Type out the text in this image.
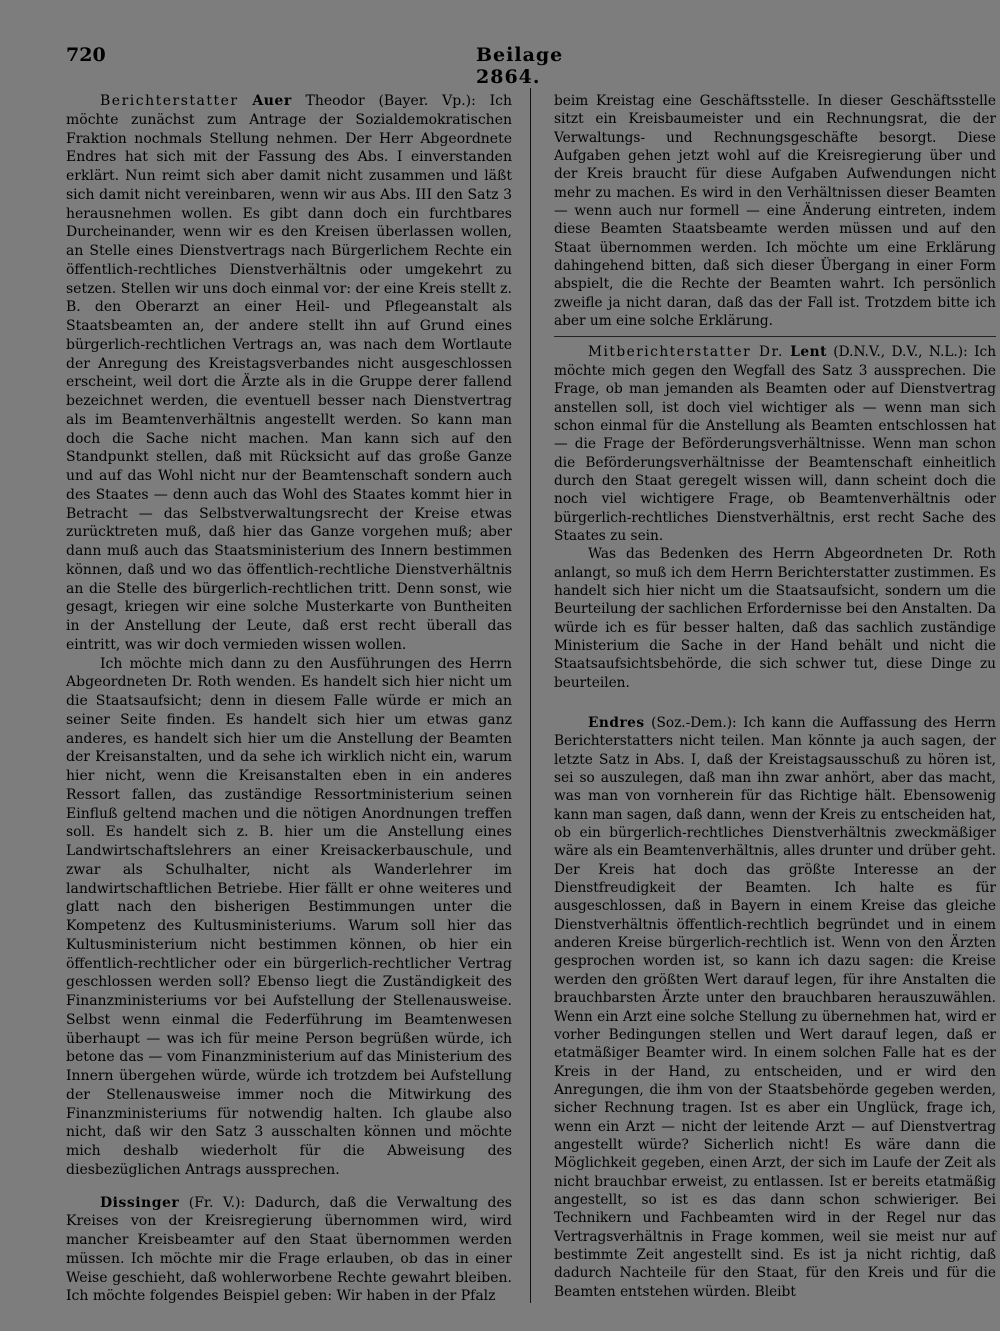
720	Beilage 2864.

Berichterstatter Auer Theodor (Bayer. Vp.): Ich möchte zunächst zum Antrage der Sozialdemokratischen Fraktion nochmals Stellung nehmen. Der Herr Abgeordnete Endres hat sich mit der Fassung des Abs. I einverstanden erklärt. Nun reimt sich aber damit nicht zusammen und läßt sich damit nicht vereinbaren, wenn wir aus Abs. III den Satz 3 herausnehmen wollen. Es gibt dann doch ein furchtbares Durcheinander, wenn wir es den Kreisen überlassen wollen, an Stelle eines Dienstvertrags nach Bürgerlichem Rechte ein öffentlich-rechtliches Dienstverhältnis oder umgekehrt zu setzen. Stellen wir uns doch einmal vor: der eine Kreis stellt z. B. den Oberarzt an einer Heil- und Pflegeanstalt als Staatsbeamten an, der andere stellt ihn auf Grund eines bürgerlich-rechtlichen Vertrags an, was nach dem Wortlaute der Anregung des Kreistagsverbandes nicht ausgeschlossen erscheint, weil dort die Ärzte als in die Gruppe derer fallend bezeichnet werden, die eventuell besser nach Dienstvertrag als im Beamtenverhältnis angestellt werden. So kann man doch die Sache nicht machen. Man kann sich auf den Standpunkt stellen, daß mit Rücksicht auf das große Ganze und auf das Wohl nicht nur der Beamtenschaft sondern auch des Staates — denn auch das Wohl des Staates kommt hier in Betracht — das Selbstverwaltungsrecht der Kreise etwas zurücktreten muß, daß hier das Ganze vorgehen muß; aber dann muß auch das Staatsministerium des Innern bestimmen können, daß und wo das öffentlich-rechtliche Dienstverhältnis an die Stelle des bürgerlich-rechtlichen tritt. Denn sonst, wie gesagt, kriegen wir eine solche Musterkarte von Buntheiten in der Anstellung der Leute, daß erst recht überall das eintritt, was wir doch vermieden wissen wollen.

Ich möchte mich dann zu den Ausführungen des Herrn Abgeordneten Dr. Roth wenden. Es handelt sich hier nicht um die Staatsaufsicht; denn in diesem Falle würde er mich an seiner Seite finden. Es handelt sich hier um etwas ganz anderes, es handelt sich hier um die Anstellung der Beamten der Kreisanstalten, und da sehe ich wirklich nicht ein, warum hier nicht, wenn die Kreisanstalten eben in ein anderes Ressort fallen, das zuständige Ressortministerium seinen Einfluß geltend machen und die nötigen Anordnungen treffen soll. Es handelt sich z. B. hier um die Anstellung eines Landwirtschaftslehrers an einer Kreisackerbauschule, und zwar als Schulhalter, nicht als Wanderlehrer im landwirtschaftlichen Betriebe. Hier fällt er ohne weiteres und glatt nach den bisherigen Bestimmungen unter die Kompetenz des Kultusministeriums. Warum soll hier das Kultusministerium nicht bestimmen können, ob hier ein öffentlich-rechtlicher oder ein bürgerlich-rechtlicher Vertrag geschlossen werden soll? Ebenso liegt die Zuständigkeit des Finanzministeriums vor bei Aufstellung der Stellenausweise. Selbst wenn einmal die Federführung im Beamtenwesen überhaupt — was ich für meine Person begrüßen würde, ich betone das — vom Finanzministerium auf das Ministerium des Innern übergehen würde, würde ich trotzdem bei Aufstellung der Stellenausweise immer noch die Mitwirkung des Finanzministeriums für notwendig halten. Ich glaube also nicht, daß wir den Satz 3 ausschalten können und möchte mich deshalb wiederholt für die Abweisung des diesbezüglichen Antrags aussprechen.

Dissinger (Fr. V.): Dadurch, daß die Verwaltung des Kreises von der Kreisregierung übernommen wird, wird mancher Kreisbeamter auf den Staat übernommen werden müssen. Ich möchte mir die Frage erlauben, ob das in einer Weise geschieht, daß wohlerworbene Rechte gewahrt bleiben. Ich möchte folgendes Beispiel geben: Wir haben in der Pfalz

beim Kreistag eine Geschäftsstelle. In dieser Geschäftsstelle sitzt ein Kreisbaumeister und ein Rechnungsrat, die der Verwaltungs- und Rechnungsgeschäfte besorgt. Diese Aufgaben gehen jetzt wohl auf die Kreisregierung über und der Kreis braucht für diese Aufgaben Aufwendungen nicht mehr zu machen. Es wird in den Verhältnissen dieser Beamten — wenn auch nur formell — eine Änderung eintreten, indem diese Beamten Staatsbeamte werden müssen und auf den Staat übernommen werden. Ich möchte um eine Erklärung dahingehend bitten, daß sich dieser Übergang in einer Form abspielt, die die Rechte der Beamten wahrt. Ich persönlich zweifle ja nicht daran, daß das der Fall ist. Trotzdem bitte ich aber um eine solche Erklärung.

Mitberichterstatter Dr. Lent (D.N.V., D.V., N.L.): Ich möchte mich gegen den Wegfall des Satz 3 aussprechen. Die Frage, ob man jemanden als Beamten oder auf Dienstvertrag anstellen soll, ist doch viel wichtiger als — wenn man sich schon einmal für die Anstellung als Beamten entschlossen hat — die Frage der Beförderungsverhältnisse. Wenn man schon die Beförderungsverhältnisse der Beamtenschaft einheitlich durch den Staat geregelt wissen will, dann scheint doch die noch viel wichtigere Frage, ob Beamtenverhältnis oder bürgerlich-rechtliches Dienstverhältnis, erst recht Sache des Staates zu sein.

Was das Bedenken des Herrn Abgeordneten Dr. Roth anlangt, so muß ich dem Herrn Berichterstatter zustimmen. Es handelt sich hier nicht um die Staatsaufsicht, sondern um die Beurteilung der sachlichen Erfordernisse bei den Anstalten. Da würde ich es für besser halten, daß das sachlich zuständige Ministerium die Sache in der Hand behält und nicht die Staatsaufsichtsbehörde, die sich schwer tut, diese Dinge zu beurteilen.

Endres (Soz.-Dem.): Ich kann die Auffassung des Herrn Berichterstatters nicht teilen. Man könnte ja auch sagen, der letzte Satz in Abs. I, daß der Kreistagsausschuß zu hören ist, sei so auszulegen, daß man ihn zwar anhört, aber das macht, was man von vornherein für das Richtige hält. Ebensowenig kann man sagen, daß dann, wenn der Kreis zu entscheiden hat, ob ein bürgerlich-rechtliches Dienstverhältnis zweckmäßiger wäre als ein Beamtenverhältnis, alles drunter und drüber geht. Der Kreis hat doch das größte Interesse an der Dienstfreudigkeit der Beamten. Ich halte es für ausgeschlossen, daß in Bayern in einem Kreise das gleiche Dienstverhältnis öffentlich-rechtlich begründet und in einem anderen Kreise bürgerlich-rechtlich ist. Wenn von den Ärzten gesprochen worden ist, so kann ich dazu sagen: die Kreise werden den größten Wert darauf legen, für ihre Anstalten die brauchbarsten Ärzte unter den brauchbaren herauszuwählen. Wenn ein Arzt eine solche Stellung zu übernehmen hat, wird er vorher Bedingungen stellen und Wert darauf legen, daß er etatmäßiger Beamter wird. In einem solchen Falle hat es der Kreis in der Hand, zu entscheiden, und er wird den Anregungen, die ihm von der Staatsbehörde gegeben werden, sicher Rechnung tragen. Ist es aber ein Unglück, frage ich, wenn ein Arzt — nicht der leitende Arzt — auf Dienstvertrag angestellt würde? Sicherlich nicht! Es wäre dann die Möglichkeit gegeben, einen Arzt, der sich im Laufe der Zeit als nicht brauchbar erweist, zu entlassen. Ist er bereits etatmäßig angestellt, so ist es das dann schon schwieriger. Bei Technikern und Fachbeamten wird in der Regel nur das Vertragsverhältnis in Frage kommen, weil sie meist nur auf bestimmte Zeit angestellt sind. Es ist ja nicht richtig, daß dadurch Nachteile für den Staat, für den Kreis und für die Beamten entstehen würden. Bleibt
